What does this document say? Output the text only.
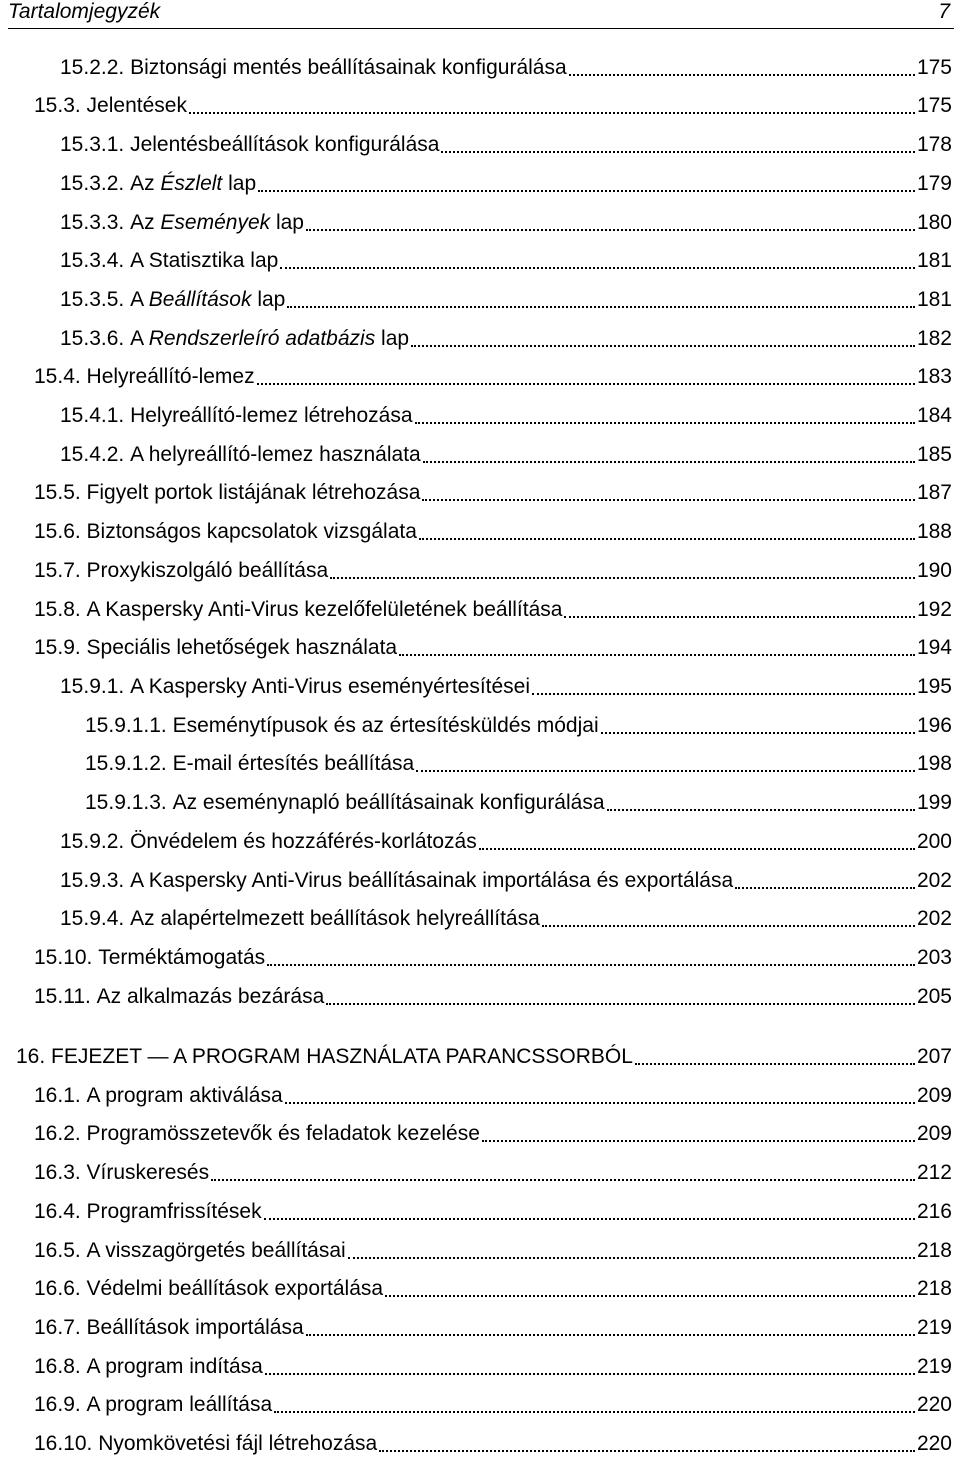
Tartalomjegyzék	7
15.2.2. Biztonsági mentés beállításainak konfigurálása	175
15.3. Jelentések	175
15.3.1. Jelentésbeállítások konfigurálása	178
15.3.2. Az Észlelt lap	179
15.3.3. Az Események lap	180
15.3.4. A Statisztika lap	181
15.3.5. A Beállítások lap	181
15.3.6. A Rendszerleíró adatbázis lap	182
15.4. Helyreállító-lemez	183
15.4.1. Helyreállító-lemez létrehozása	184
15.4.2. A helyreállító-lemez használata	185
15.5. Figyelt portok listájának létrehozása	187
15.6. Biztonságos kapcsolatok vizsgálata	188
15.7. Proxykiszolgáló beállítása	190
15.8. A Kaspersky Anti-Virus kezelőfelületének beállítása	192
15.9. Speciális lehetőségek használata	194
15.9.1. A Kaspersky Anti-Virus eseményértesítései	195
15.9.1.1. Eseménytípusok és az értesítésküldés módjai	196
15.9.1.2. E-mail értesítés beállítása	198
15.9.1.3. Az eseménynapló beállításainak konfigurálása	199
15.9.2. Önvédelem és hozzáférés-korlátozás	200
15.9.3. A Kaspersky Anti-Virus beállításainak importálása és exportálása	202
15.9.4. Az alapértelmezett beállítások helyreállítása	202
15.10. Terméktámogatás	203
15.11. Az alkalmazás bezárása	205
16. FEJEZET — A PROGRAM HASZNÁLATA PARANCSSORBÓL	207
16.1. A program aktiválása	209
16.2. Programösszetevők és feladatok kezelése	209
16.3. Víruskeresés	212
16.4. Programfrissítések	216
16.5. A visszagörgetés beállításai	218
16.6. Védelmi beállítások exportálása	218
16.7. Beállítások importálása	219
16.8. A program indítása	219
16.9. A program leállítása	220
16.10. Nyomkövetési fájl létrehozása	220
